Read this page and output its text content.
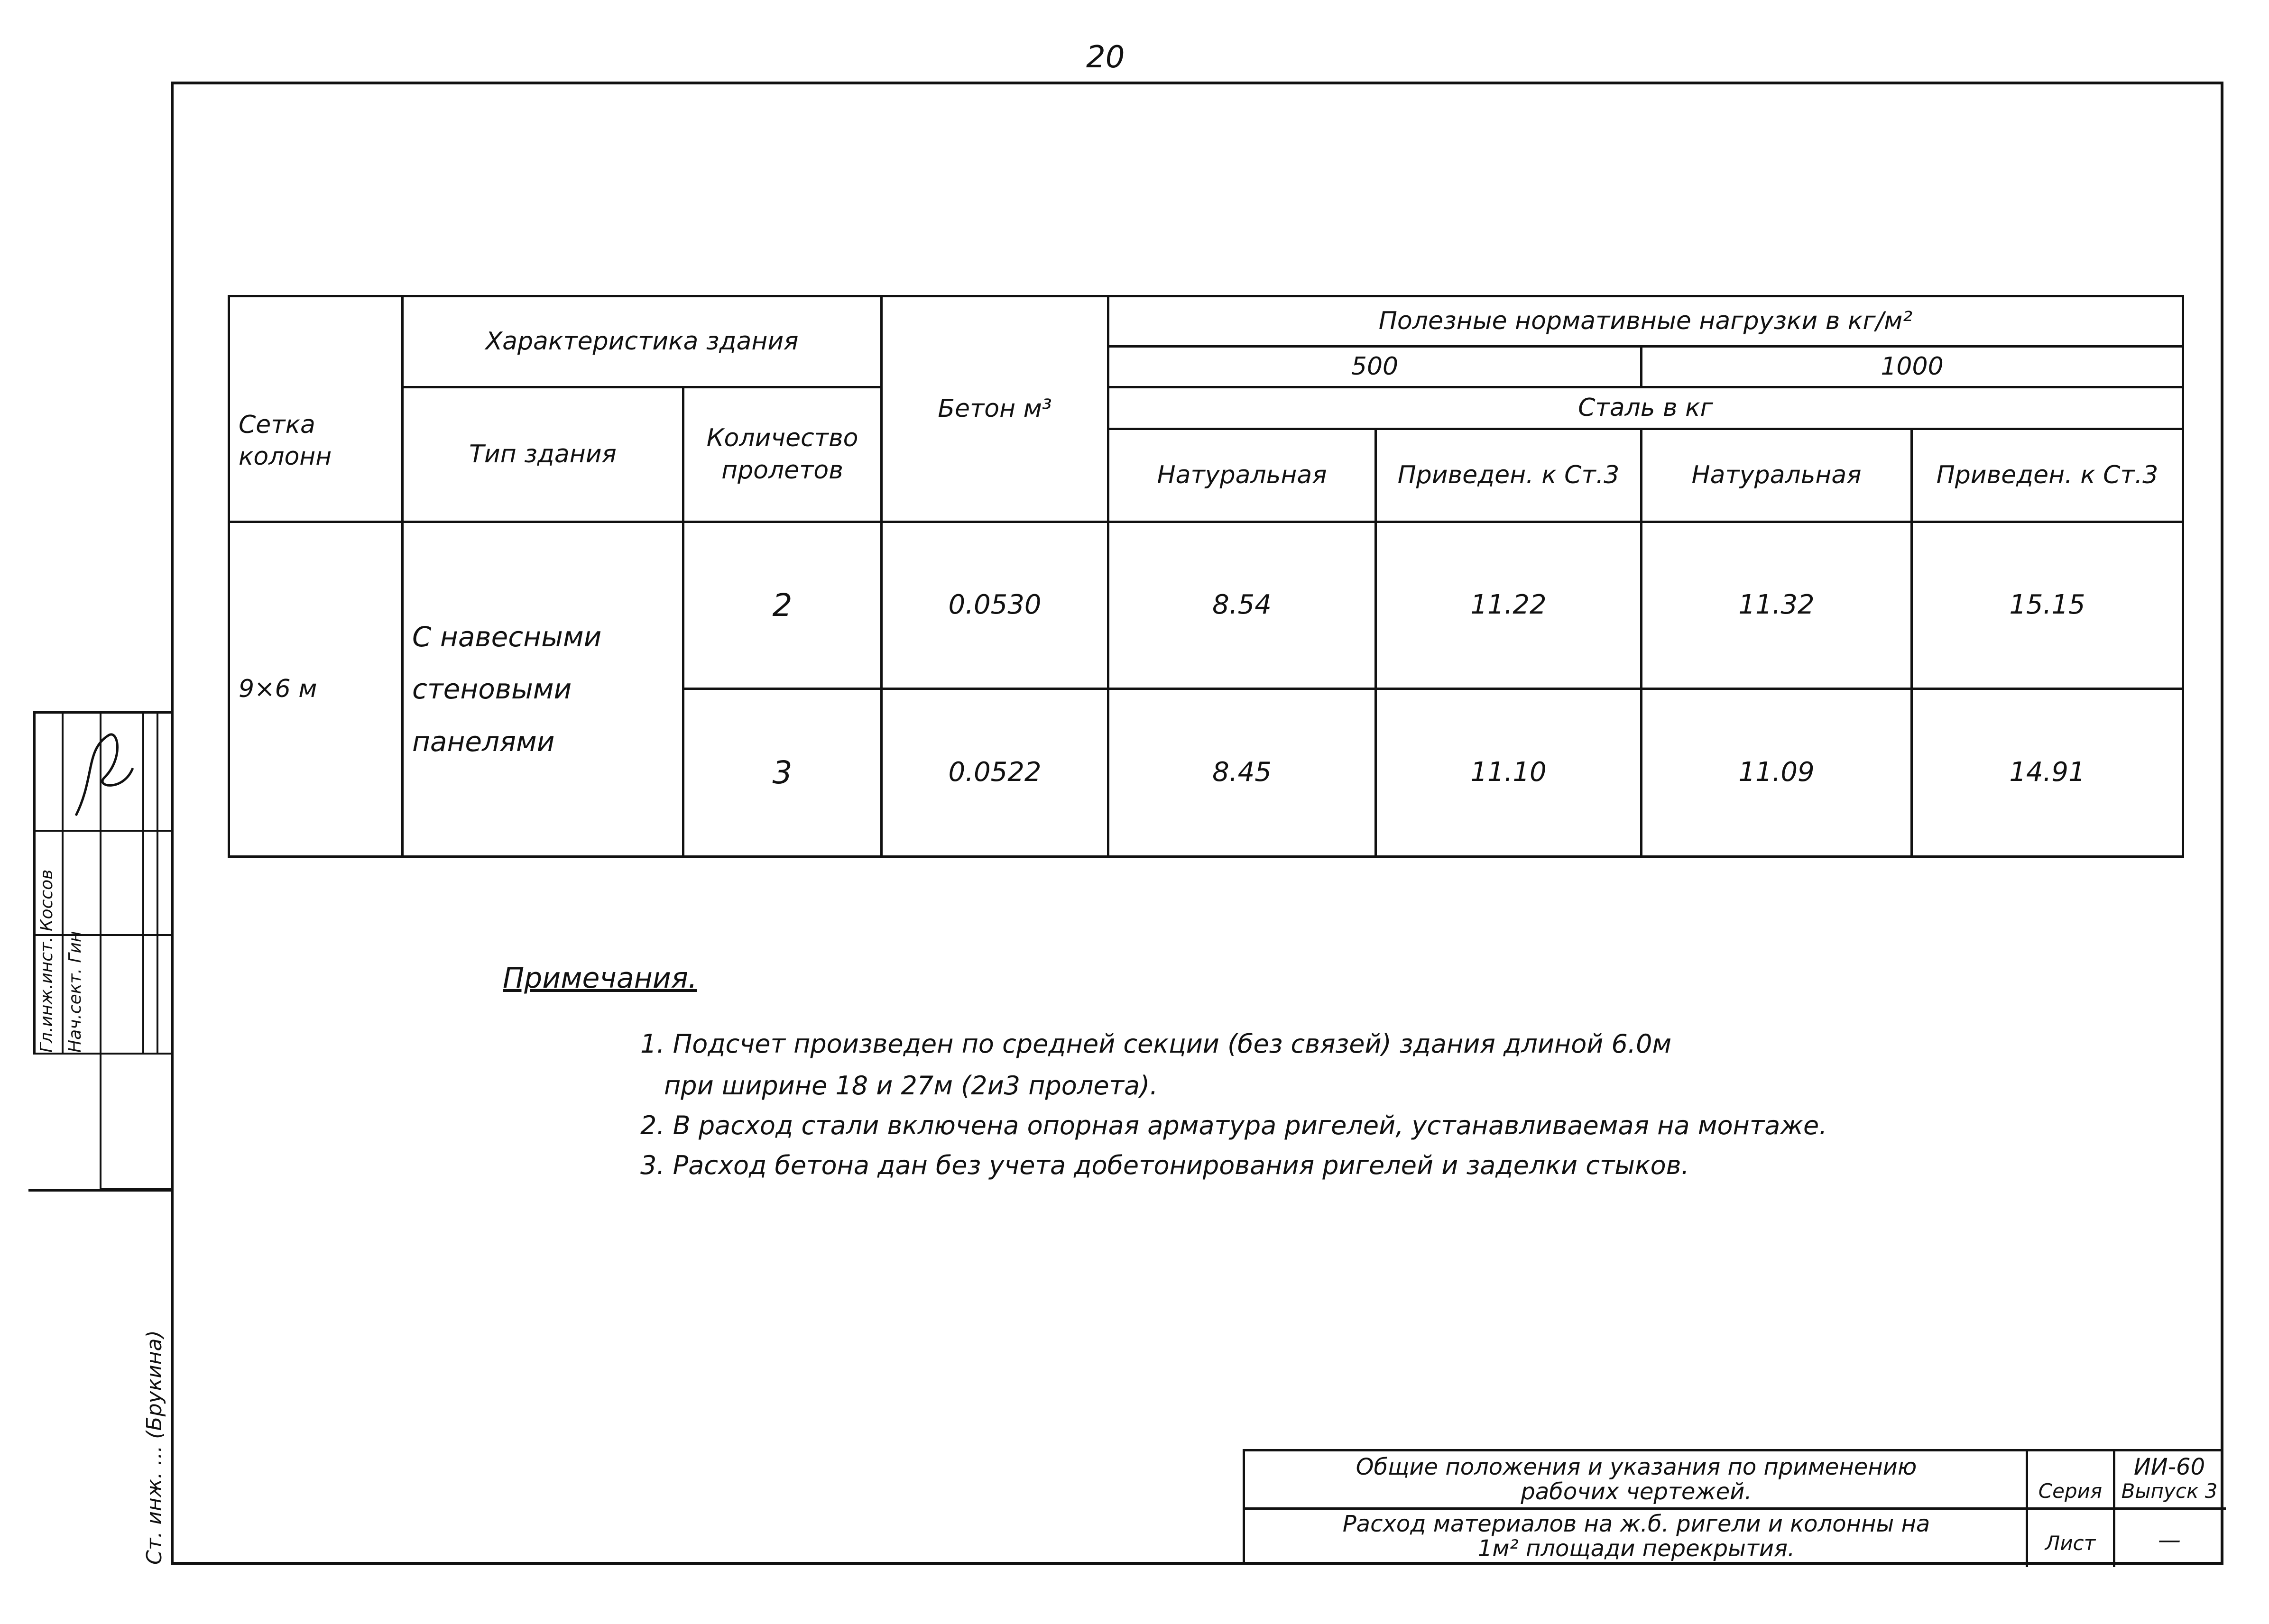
20
Сетка колонн	Характеристика здания		Бетон м³	Полезные нормативные нагрузки в кг/м²			
				500		1000	
	Тип здания	Количество пролетов		Сталь в кг			
				Натуральная	Приведен. к Ст.3	Натуральная	Приведен. к Ст.3
9×6 м	С навесными стеновыми панелями	2	0.0530	8.54	11.22	11.32	15.15
		3	0.0522	8.45	11.10	11.09	14.91
Примечания.
1. Подсчет произведен по средней секции (без связей) здания длиной 6.0м
при ширине 18 и 27м (2и3 пролета).
2. В расход стали включена опорная арматура ригелей, устанавливаемая на монтаже.
3. Расход бетона дан без учета добетонирования ригелей и заделки стыков.
Гл.инж.инст. Коссов Нач.сект. Гин
Ст. инж. ... (Брукина)	Общие положения и указания по применению
рабочих чертежей.
Расход материалов на ж.б. ригели и колонны на
1м² площади перекрытия.
Серия
ИИ-60
Выпуск 3
Лист	—
